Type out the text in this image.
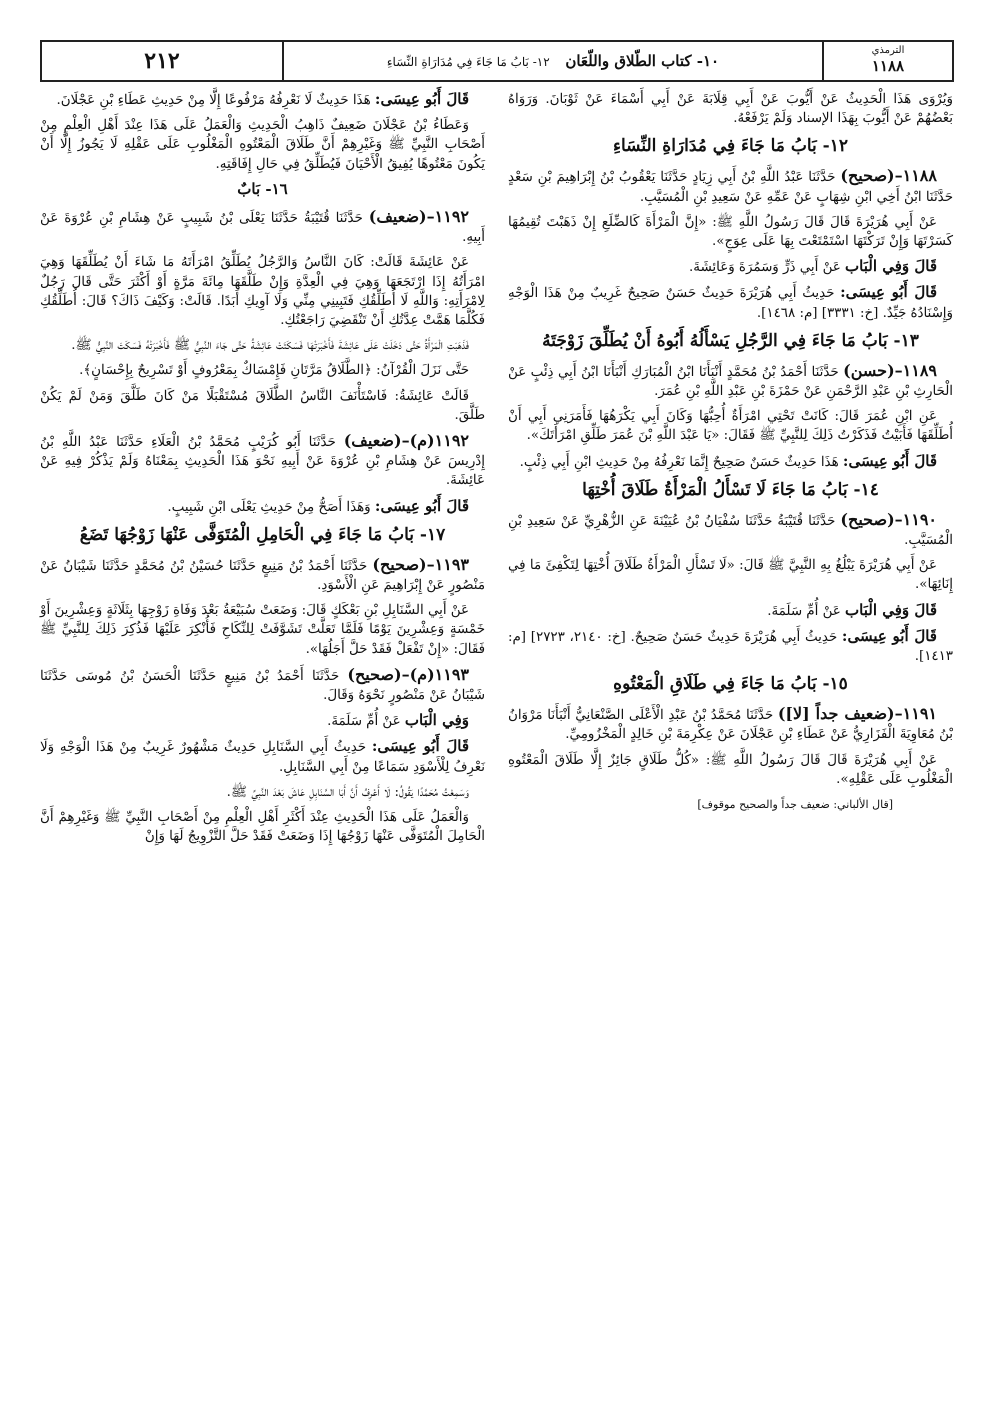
الترمذي
١١٨٨
١٠- كتاب الطّلاق واللّعَان   ١٢- بَابُ مَا جَاءَ فِي مُدَارَاةِ النِّسَاءِ
٢١٢

وَيُرْوَى هَذَا الْحَدِيثُ عَنْ أَيُّوبَ عَنْ أَبِي قِلَابَةَ عَنْ أَبِي أَسْمَاءَ عَنْ ثَوْبَانَ. وَرَوَاهُ بَعْضُهُمْ عَنْ أَيُّوبَ بِهَذَا الإسناد وَلَمْ يَرْفَعْهُ.

١٢- بَابُ مَا جَاءَ فِي مُدَارَاةِ النِّسَاءِ

١١٨٨–(صحيح) حَدَّثَنَا عَبْدُ اللَّهِ بْنُ أَبِي زِيَادٍ حَدَّثَنَا يَعْقُوبُ بْنُ إِبْرَاهِيمَ بْنِ سَعْدٍ حَدَّثَنَا ابْنُ أَخِي ابْنِ شِهَابٍ عَنْ عَمِّهِ عَنْ سَعِيدِ بْنِ الْمُسَيَّبِ.

عَنْ أَبِي هُرَيْرَةَ قَالَ قَالَ رَسُولُ اللَّهِ ﷺ: «إِنَّ الْمَرْأَةَ كَالضِّلَعِ إِنْ ذَهَبْتَ تُقِيمُهَا كَسَرْتَهَا وَإِنْ تَرَكْتَهَا اسْتَمْتَعْتَ بِهَا عَلَى عِوَجٍ».

قَالَ وَفِي الْبَاب عَنْ أَبِي ذَرٍّ وَسَمُرَةَ وَعَائِشَةَ.

قَالَ أَبُو عِيسَى: حَدِيثُ أَبِي هُرَيْرَةَ حَدِيثٌ حَسَنٌ صَحِيحٌ غَرِيبٌ مِنْ هَذَا الْوَجْهِ وَإِسْنَادُهُ جَيِّدٌ. [خ: ٣٣٣١] [م: ١٤٦٨].

١٣- بَابُ مَا جَاءَ فِي الرَّجُلِ يَسْأَلُهُ أَبُوهُ أَنْ يُطَلِّقَ زَوْجَتَهُ

١١٨٩–(حسن) حَدَّثَنَا أَحْمَدُ بْنُ مُحَمَّدٍ أَنْبَأَنَا ابْنُ الْمُبَارَكِ أَنْبَأَنَا ابْنُ أَبِي ذِئْبٍ عَنْ الْحَارِثِ بْنِ عَبْدِ الرَّحْمَنِ عَنْ حَمْزَةَ بْنِ عَبْدِ اللَّهِ بْنِ عُمَرَ.

عَنِ ابْنِ عُمَرَ قَالَ: كَانَتْ تَحْتِي امْرَأَةٌ أُحِبُّهَا وَكَانَ أَبِي يَكْرَهُهَا فَأَمَرَنِي أَبِي أَنْ أُطَلِّقَهَا فَأَبَيْتُ فَذَكَرْتُ ذَلِكَ لِلنَّبِيِّ ﷺ فَقَالَ: «يَا عَبْدَ اللَّهِ بْنَ عُمَرَ طَلِّقِ امْرَأَتَكَ».

قَالَ أَبُو عِيسَى: هَذَا حَدِيثٌ حَسَنٌ صَحِيحٌ إِنَّمَا نَعْرِفُهُ مِنْ حَدِيثِ ابْنِ أَبِي ذِئْبٍ.

١٤- بَابُ مَا جَاءَ لَا تَسْأَلُ الْمَرْأَةُ طَلَاقَ أُخْتِهَا

١١٩٠–(صحيح) حَدَّثَنَا قُتَيْبَةُ حَدَّثَنَا سُفْيَانُ بْنُ عُيَيْنَةَ عَنِ الزُّهْرِيِّ عَنْ سَعِيدِ بْنِ الْمُسَيَّبِ.

عَنْ أَبِي هُرَيْرَةَ يَبْلُغُ بِهِ النَّبِيَّ ﷺ قَالَ: «لَا تَسْأَلِ الْمَرْأَةُ طَلَاقَ أُخْتِهَا لِتَكْفِئَ مَا فِي إِنَائِهَا».

قَالَ وَفِي الْبَاب عَنْ أُمِّ سَلَمَةَ.

قَالَ أَبُو عِيسَى: حَدِيثُ أَبِي هُرَيْرَةَ حَدِيثٌ حَسَنٌ صَحِيحٌ. [خ: ٢١٤٠، ٢٧٢٣] [م: ١٤١٣].

١٥- بَابُ مَا جَاءَ فِي طَلَاقِ الْمَعْتُوهِ

١١٩١–(ضعيف جداً [لا]) حَدَّثَنَا مُحَمَّدُ بْنُ عَبْدِ الْأَعْلَى الصَّنْعَانِيُّ أَنْبَأَنَا مَرْوَانُ بْنُ مُعَاوِيَةَ الْفَزَارِيُّ عَنْ عَطَاءِ بْنِ عَجْلَانَ عَنْ عِكْرِمَةَ بْنِ خَالِدٍ الْمَخْزُومِيِّ.

عَنْ أَبِي هُرَيْرَةَ قَالَ قَالَ رَسُولُ اللَّهِ ﷺ: «كُلُّ طَلَاقٍ جَائِزٌ إِلَّا طَلَاقَ الْمَعْتُوهِ الْمَغْلُوبِ عَلَى عَقْلِهِ».

[قال الألباني: ضعيف جداً والصحيح موقوف]

قَالَ أَبُو عِيسَى: هَذَا حَدِيثٌ لَا نَعْرِفُهُ مَرْفُوعًا إِلَّا مِنْ حَدِيثِ عَطَاءِ بْنِ عَجْلَانَ.

وَعَطَاءُ بْنُ عَجْلَانَ ضَعِيفٌ ذَاهِبُ الْحَدِيثِ وَالْعَمَلُ عَلَى هَذَا عِنْدَ أَهْلِ الْعِلْمِ مِنْ أَصْحَابِ النَّبِيِّ ﷺ وَغَيْرِهِمْ أَنَّ طَلَاقَ الْمَعْتُوهِ الْمَغْلُوبِ عَلَى عَقْلِهِ لَا يَجُوزُ إِلَّا أَنْ يَكُونَ مَعْتُوهًا يُفِيقُ الْأَحْيَانَ فَيُطَلِّقُ فِي حَالِ إِفَاقَتِهِ.

١٦- بَابٌ

١١٩٢–(ضعيف) حَدَّثَنَا قُتَيْبَةُ حَدَّثَنَا يَعْلَى بْنُ شَبِيبٍ عَنْ هِشَامِ بْنِ عُرْوَةَ عَنْ أَبِيهِ.

عَنْ عَائِشَةَ قَالَتْ: كَانَ النَّاسُ وَالرَّجُلُ يُطَلِّقُ امْرَأَتَهُ مَا شَاءَ أَنْ يُطَلِّقَهَا وَهِيَ امْرَأَتُهُ إِذَا ارْتَجَعَهَا وَهِيَ فِي الْعِدَّةِ وَإِنْ طَلَّقَهَا مِائَةَ مَرَّةٍ أَوْ أَكْثَرَ حَتَّى قَالَ رَجُلٌ لِامْرَأَتِهِ: وَاللَّهِ لَا أُطَلِّقُكِ فَتَبِينِي مِنِّي وَلَا آوِيكِ أَبَدًا. قَالَتْ: وَكَيْفَ ذَاكَ؟ قَالَ: أُطَلِّقُكِ فَكُلَّمَا هَمَّتْ عِدَّتُكِ أَنْ تَنْقَضِيَ رَاجَعْتُكِ.

فَذَهَبَتِ الْمَرْأَةُ حَتَّى دَخَلَتْ عَلَى عَائِشَةَ فَأَخْبَرَتْهَا فَسَكَتَتْ عَائِشَةُ حَتَّى جَاءَ النَّبِيُّ ﷺ فَأَخْبَرَتْهُ فَسَكَتَ النَّبِيُّ ﷺ.

حَتَّى نَزَلَ الْقُرْآنُ: ﴿الطَّلَاقُ مَرَّتَانِ فَإِمْسَاكٌ بِمَعْرُوفٍ أَوْ تَسْرِيحٌ بِإِحْسَانٍ﴾.

قَالَتْ عَائِشَةُ: فَاسْتَأْنَفَ النَّاسُ الطَّلَاقَ مُسْتَقْبَلًا مَنْ كَانَ طَلَّقَ وَمَنْ لَمْ يَكُنْ طَلَّقَ.

١١٩٢(م)–(ضعيف) حَدَّثَنَا أَبُو كُرَيْبٍ مُحَمَّدُ بْنُ الْعَلَاءِ حَدَّثَنَا عَبْدُ اللَّهِ بْنُ إِدْرِيسَ عَنْ هِشَامِ بْنِ عُرْوَةَ عَنْ أَبِيهِ نَحْوَ هَذَا الْحَدِيثِ بِمَعْنَاهُ وَلَمْ يَذْكُرْ فِيهِ عَنْ عَائِشَةَ.

قَالَ أَبُو عِيسَى: وَهَذَا أَصَحُّ مِنْ حَدِيثِ يَعْلَى ابْنِ شَبِيبٍ.

١٧- بَابُ مَا جَاءَ فِي الْحَامِلِ الْمُتَوَفَّى عَنْهَا زَوْجُهَا تَضَعُ

١١٩٣–(صحيح) حَدَّثَنَا أَحْمَدُ بْنُ مَنِيعٍ حَدَّثَنَا حُسَيْنُ بْنُ مُحَمَّدٍ حَدَّثَنَا شَيْبَانُ عَنْ مَنْصُورٍ عَنْ إِبْرَاهِيمَ عَنِ الْأَسْوَدِ.

عَنْ أَبِي السَّنَابِلِ بْنِ بَعْكَكٍ قَالَ: وَضَعَتْ سُبَيْعَةُ بَعْدَ وَفَاةِ زَوْجِهَا بِثَلَاثَةٍ وَعِشْرِينَ أَوْ خَمْسَةٍ وَعِشْرِينَ يَوْمًا فَلَمَّا تَعَلَّتْ تَشَوَّفَتْ لِلنِّكَاحِ فَأُنْكِرَ عَلَيْهَا فَذُكِرَ ذَلِكَ لِلنَّبِيِّ ﷺ فَقَالَ: «إِنْ تَفْعَلْ فَقَدْ حَلَّ أَجَلُهَا».

١١٩٣(م)–(صحيح) حَدَّثَنَا أَحْمَدُ بْنُ مَنِيعٍ حَدَّثَنَا الْحَسَنُ بْنُ مُوسَى حَدَّثَنَا شَيْبَانُ عَنْ مَنْصُورٍ نَحْوَهُ وَقَالَ.

وَفِي الْبَاب عَنْ أُمِّ سَلَمَةَ.

قَالَ أَبُو عِيسَى: حَدِيثُ أَبِي السَّنَابِلِ حَدِيثٌ مَشْهُورٌ غَرِيبٌ مِنْ هَذَا الْوَجْهِ وَلَا نَعْرِفُ لِلْأَسْوَدِ سَمَاعًا مِنْ أَبِي السَّنَابِلِ.

وَسَمِعْتُ مُحَمَّدًا يَقُولُ: لَا أَعْرِفُ أَنَّ أَبَا السَّنَابِلِ عَاشَ بَعْدَ النَّبِيِّ ﷺ.

وَالْعَمَلُ عَلَى هَذَا الْحَدِيثِ عِنْدَ أَكْثَرِ أَهْلِ الْعِلْمِ مِنْ أَصْحَابِ النَّبِيِّ ﷺ وَغَيْرِهِمْ أَنَّ الْحَامِلَ الْمُتَوَفَّى عَنْهَا زَوْجُهَا إِذَا وَضَعَتْ فَقَدْ حَلَّ التَّزْوِيجُ لَهَا وَإِنْ
